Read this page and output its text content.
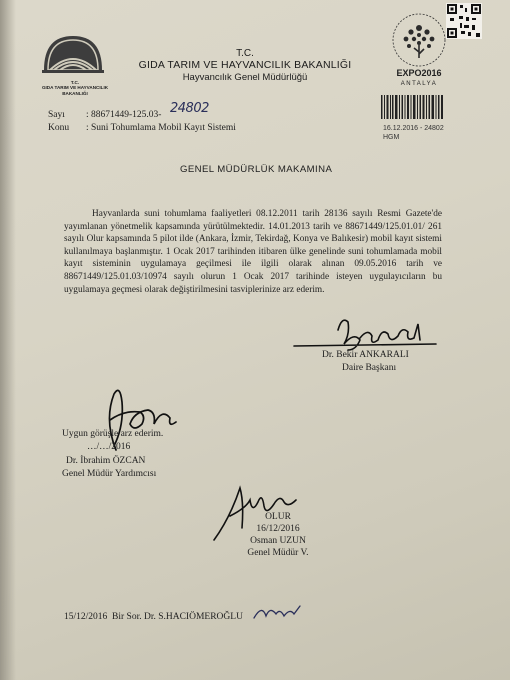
T.C.
GIDA TARIM VE HAYVANCILIK
BAKANLIĞI
T.C.
GIDA TARIM VE HAYVANCILIK BAKANLIĞI
Hayvancılık Genel Müdürlüğü	EXPO2016
ANTALYA
16.12.2016 - 24802
HGM
Sayı	: 88671449-125.03-
Konu	: Suni Tohumlama Mobil Kayıt Sistemi
24802
GENEL MÜDÜRLÜK MAKAMINA
Hayvanlarda suni tohumlama faaliyetleri 08.12.2011 tarih 28136 sayılı Resmi Gazete'de yayımlanan yönetmelik kapsamında yürütülmektedir. 14.01.2013 tarih ve 88671449/125.01.01/ 261 sayılı Olur kapsamında 5 pilot ilde (Ankara, İzmir, Tekirdağ, Konya ve Balıkesir) mobil kayıt sistemi kullanılmaya başlanmıştır. 1 Ocak 2017 tarihinden itibaren ülke genelinde suni tohumlamada mobil kayıt sisteminin uygulamaya geçilmesi ile ilgili olarak alınan 09.05.2016 tarih ve 88671449/125.01.03/10974 sayılı olurun 1 Ocak 2017 tarihinde isteyen uygulayıcıların bu uygulamaya geçmesi olarak değiştirilmesini tasviplerinize arz ederim.
Dr. Bekir ANKARALI
Daire Başkanı
Uygun görüşle arz ederim.
…/…/2016
Dr. İbrahim ÖZCAN
Genel Müdür Yardımcısı
OLUR
16/12/2016
Osman UZUN
Genel Müdür V.
15/12/2016  Bir Sor. Dr. S.HACIÖMEROĞLU
